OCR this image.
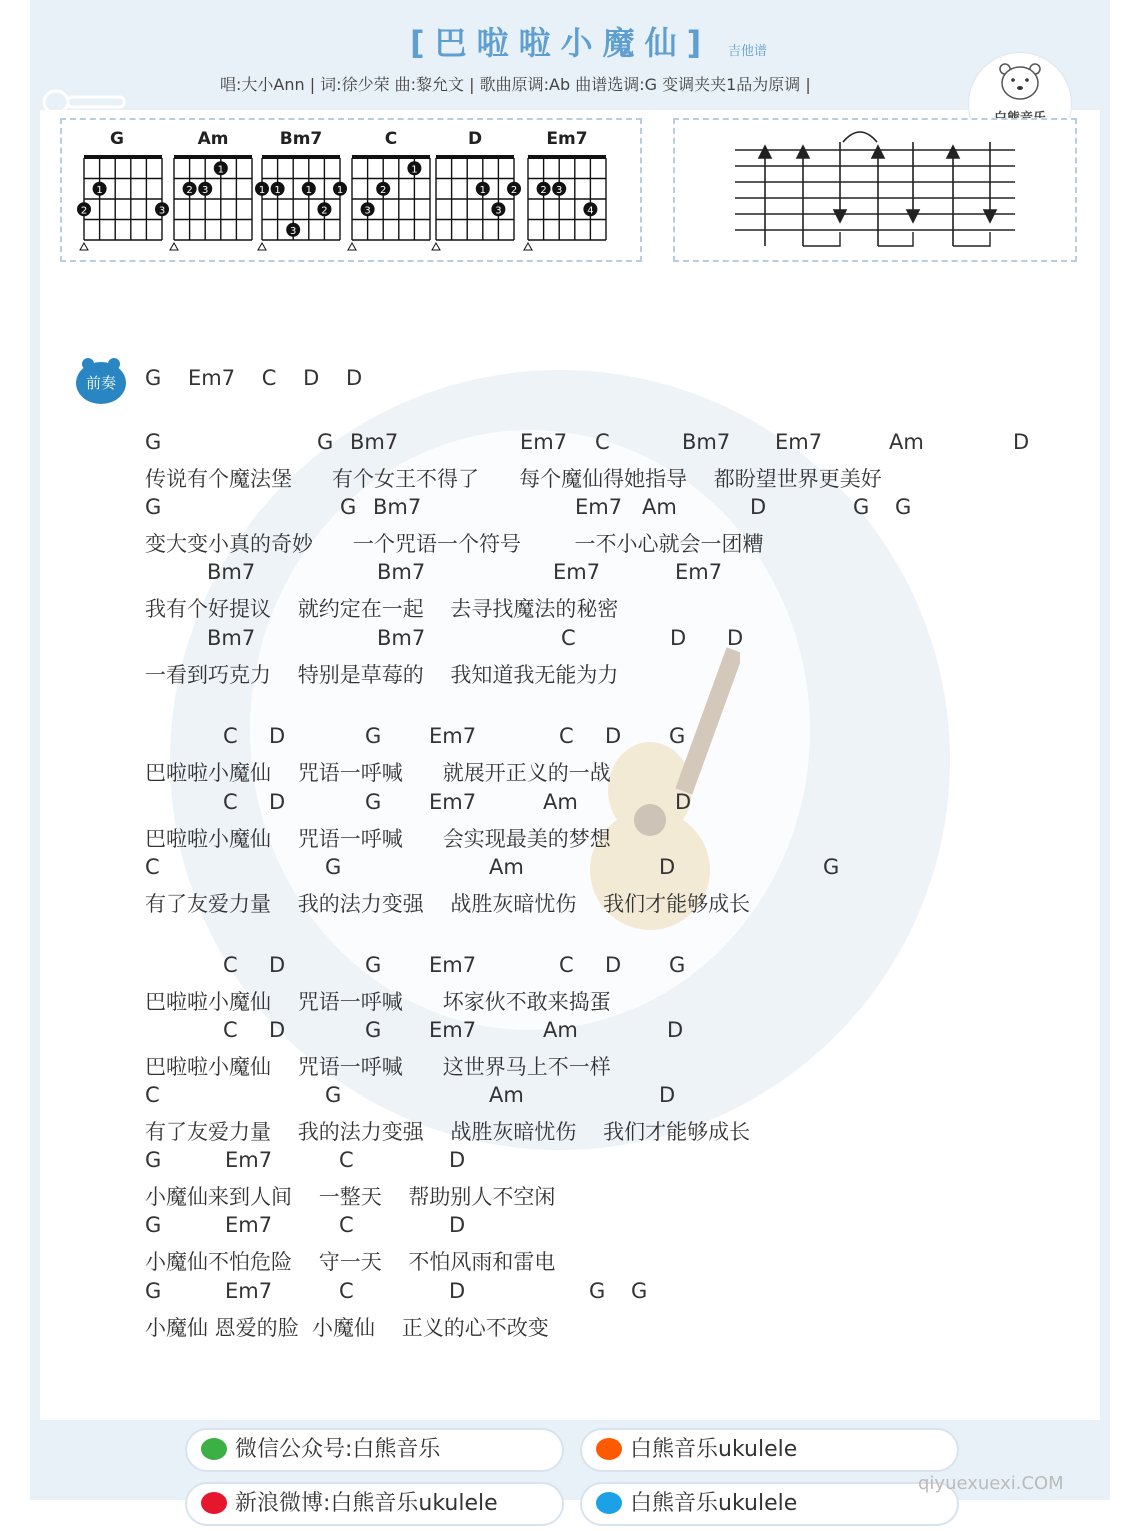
[巴啦啦小魔仙] 吉他谱
唱:大小Ann | 词:徐少荣 曲:黎允文 | 歌曲原调:Ab 曲谱选调:G 变调夹夹1品为原调 |
G
2
1
3
Am
2 3
1
Bm7
1 1
3
1
2
1
C
3
2
1
D
1
3
2
Em7
2 3
4
前奏	G    Em7    C    D    D
G	G Bm7	Em7 C	Bm7 Em7	Am	D
传说有个魔法堡      有个女王不得了      每个魔仙得她指导    都盼望世界更美好
G	G Bm7	Em7 Am	D	G G
变大变小真的奇妙      一个咒语一个符号        一不小心就会一团糟
Bm7	Bm7	Em7	Em7
我有个好提议    就约定在一起    去寻找魔法的秘密
Bm7	Bm7	C	D D
一看到巧克力    特别是草莓的    我知道我无能为力
C D	G Em7	C D G
巴啦啦小魔仙    咒语一呼喊      就展开正义的一战
C D	G Em7	Am	D
巴啦啦小魔仙    咒语一呼喊      会实现最美的梦想
C	G	Am	D	G
有了友爱力量    我的法力变强    战胜灰暗忧伤    我们才能够成长
C D	G Em7	C D G
巴啦啦小魔仙    咒语一呼喊      坏家伙不敢来捣蛋
C D	G Em7	Am	D
巴啦啦小魔仙    咒语一呼喊      这世界马上不一样
C	G	Am	D
有了友爱力量    我的法力变强    战胜灰暗忧伤    我们才能够成长
G	Em7	C	D
小魔仙来到人间    一整天    帮助别人不空闲
G	Em7	C	D
小魔仙不怕危险    守一天    不怕风雨和雷电
G	Em7	C	D	G G
小魔仙 恩爱的脸  小魔仙    正义的心不改变
微信公众号:白熊音乐	白熊音乐ukulele
新浪微博:白熊音乐ukulele	白熊音乐ukulele
qiyuexuexi.COM
